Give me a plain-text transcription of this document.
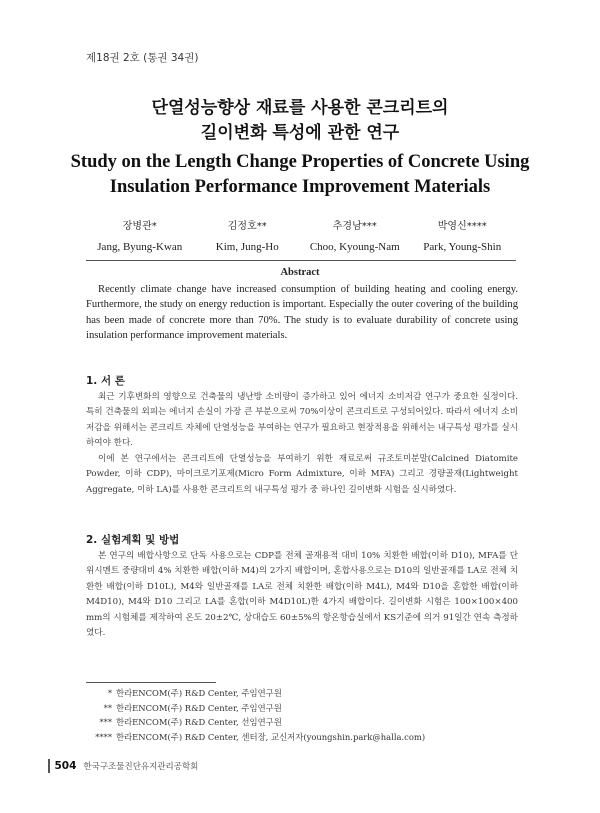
제18권 2호 (통권 34권)
단열성능향상 재료를 사용한 콘크리트의
길이변화 특성에 관한 연구
Study on the Length Change Properties of Concrete Using
Insulation Performance Improvement Materials
장병관*
Jang, Byung-Kwan
김정호**
Kim, Jung-Ho
추경남***
Choo, Kyoung-Nam
박영신****
Park, Young-Shin
Abstract

Recently climate change have increased consumption of building heating and cooling energy. Furthermore, the study on energy reduction is important. Especially the outer covering of the building has been made of concrete more than 70%. The study is to evaluate durability of concrete using insulation performance improvement materials.

1. 서 론

최근 기후변화의 영향으로 건축물의 냉난방 소비량이 증가하고 있어 에너지 소비저감 연구가 중요한 실정이다. 특히 건축물의 외피는 에너지 손실이 가장 큰 부분으로써 70%이상이 콘크리트로 구성되어있다. 따라서 에너지 소비저감을 위해서는 콘크리트 자체에 단열성능을 부여하는 연구가 필요하고 현장적용을 위해서는 내구특성 평가를 실시하여야 한다.

이에 본 연구에서는 콘크리트에 단열성능을 부여하기 위한 재료로써 규조토미분말(Calcined Diatomite Powder, 이하 CDP), 마이크로기포제(Micro Form Admixture, 이하 MFA) 그리고 경량골재(Lightweight Aggregate, 이하 LA)를 사용한 콘크리트의 내구특성 평가 중 하나인 길이변화 시험을 실시하였다.

2. 실험계획 및 방법

본 연구의 배합사항으로 단독 사용으로는 CDP를 전체 골재용적 대비 10% 치환한 배합(이하 D10), MFA를 단위시멘트 중량대비 4% 치환한 배합(이하 M4)의 2가지 배합이며, 혼합사용으로는 D10의 일반골재를 LA로 전체 치환한 배합(이하 D10L), M4와 일반골재를 LA로 전체 치환한 배합(이하 M4L), M4와 D10을 혼합한 배합(이하 M4D10), M4와 D10 그리고 LA를 혼합(이하 M4D10L)한 4가지 배합이다. 길이변화 시험은 100×100×400 mm의 시험체를 제작하여 온도 20±2℃, 상대습도 60±5%의 항온항습실에서 KS기준에 의거 91일간 연속 측정하였다.

* 한라ENCOM(주) R&D Center, 주임연구원
** 한라ENCOM(주) R&D Center, 주임연구원
*** 한라ENCOM(주) R&D Center, 선임연구원
**** 한라ENCOM(주) R&D Center, 센터장, 교신저자(youngshin.park@halla.com)
504 한국구조물진단유지관리공학회
